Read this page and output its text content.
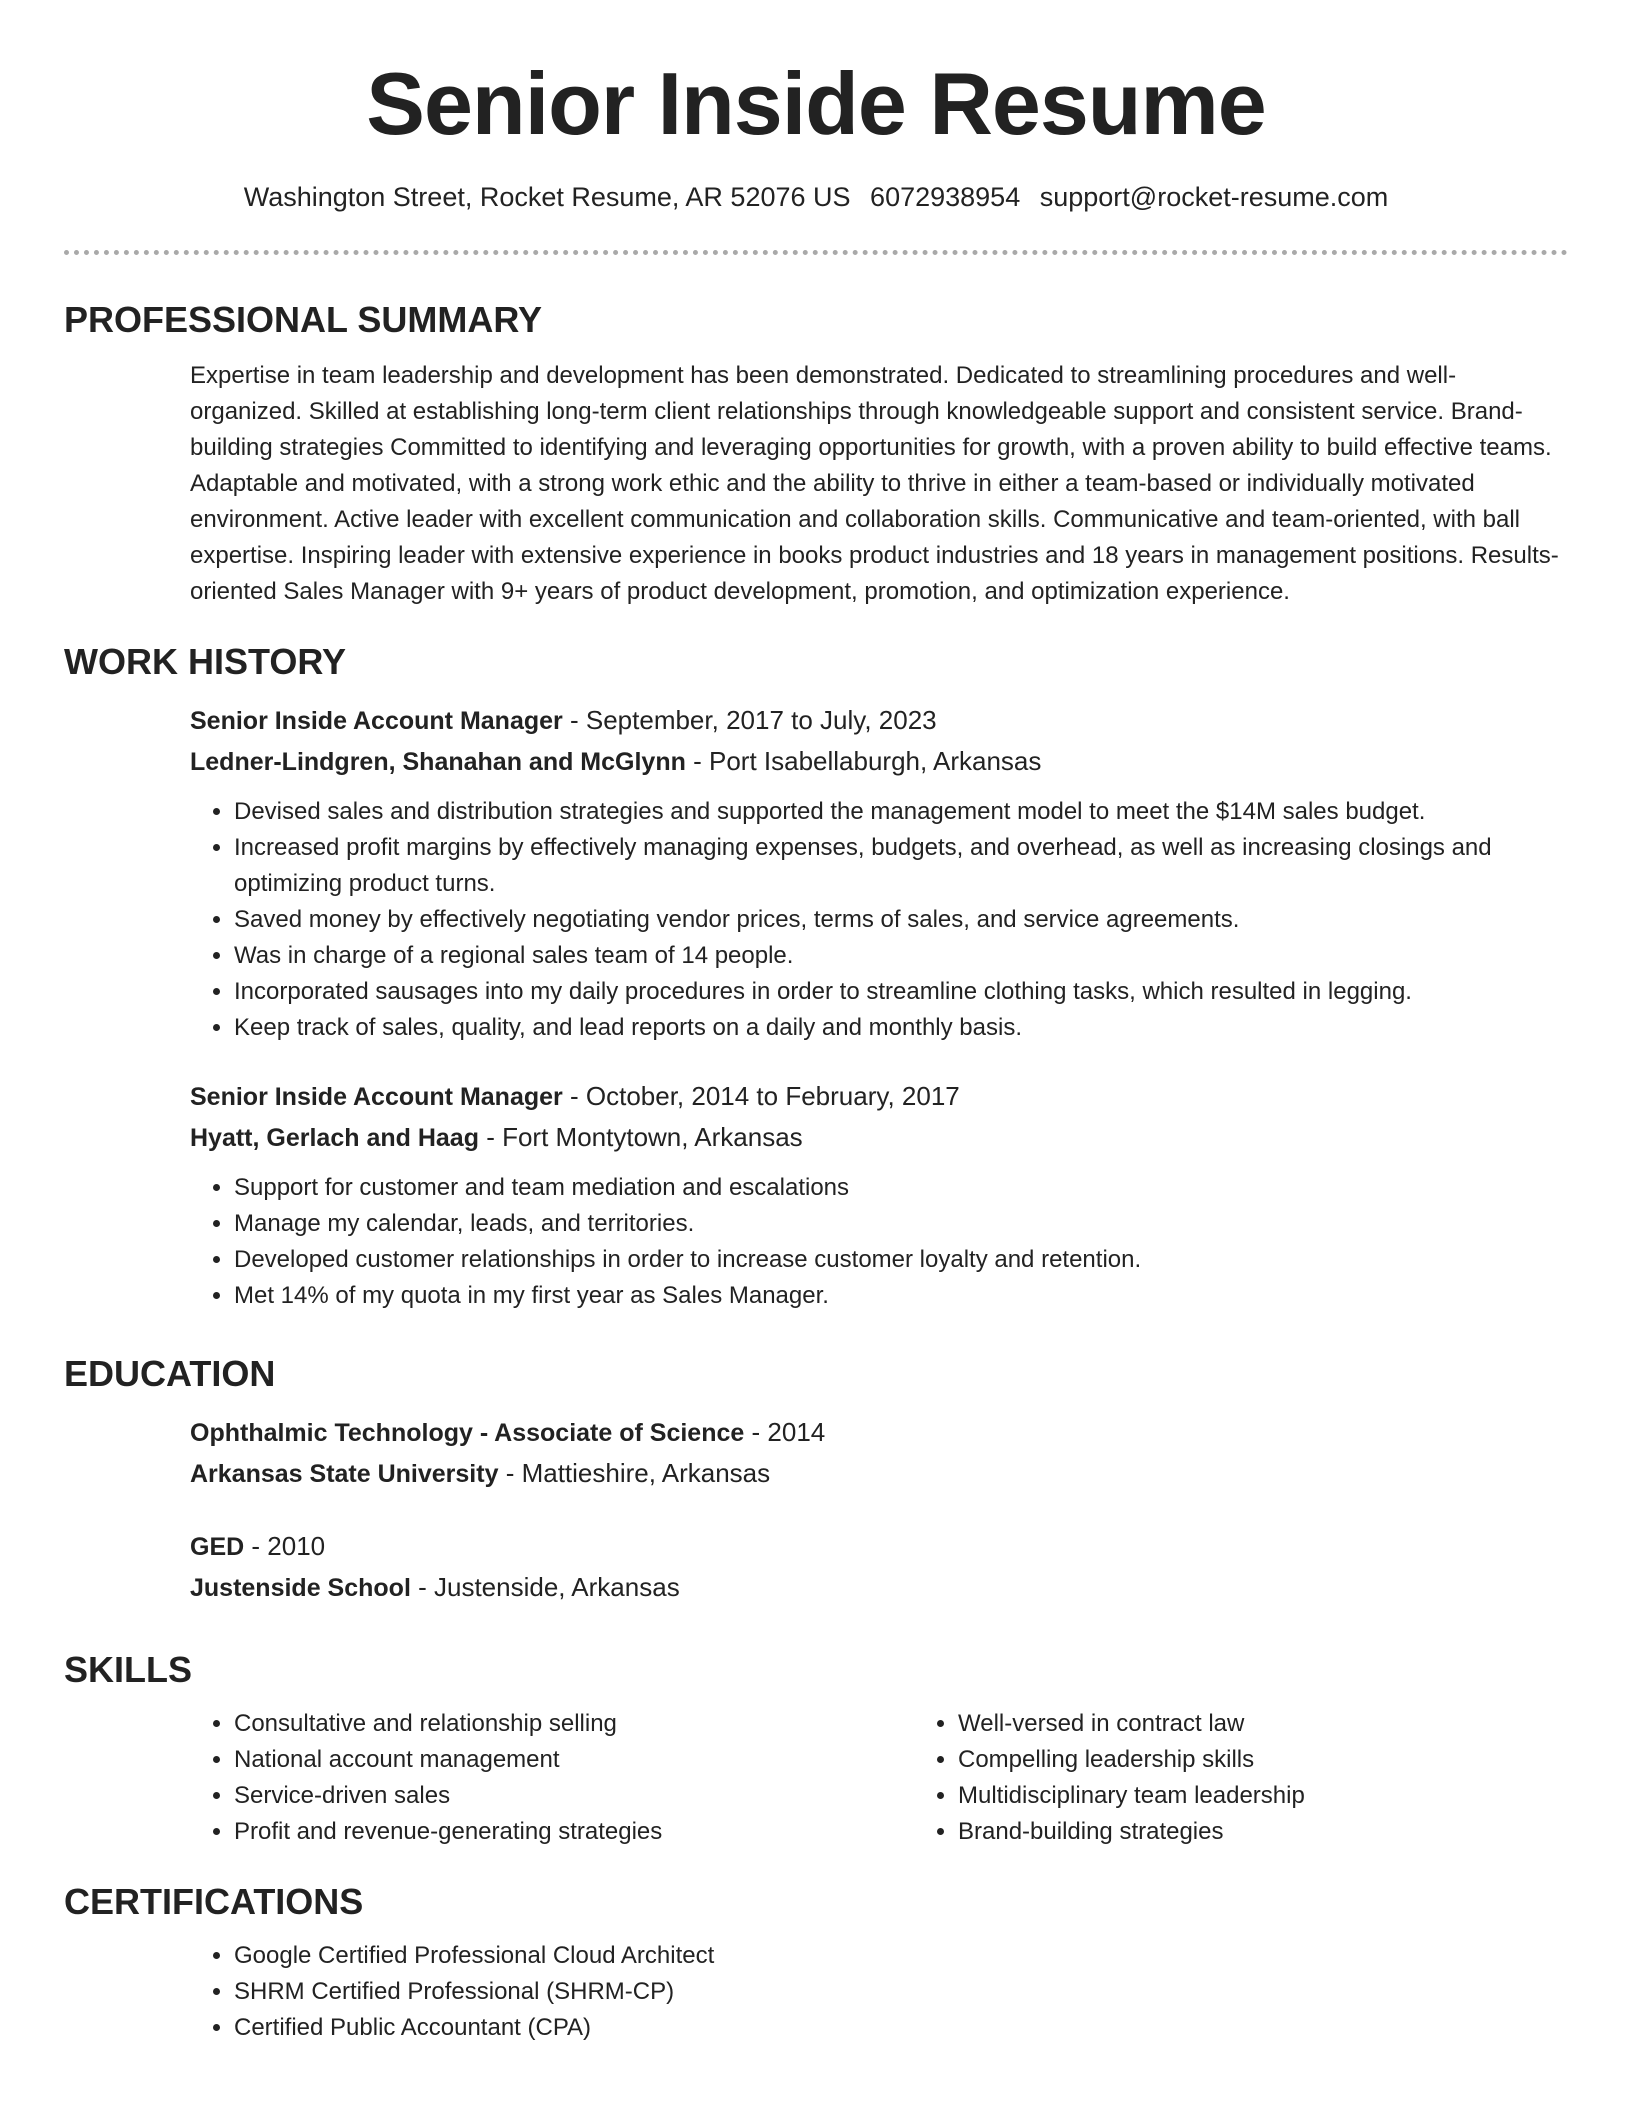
Senior Inside Resume
Washington Street, Rocket Resume, AR 52076 US 6072938954 support@rocket-resume.com
PROFESSIONAL SUMMARY
Expertise in team leadership and development has been demonstrated. Dedicated to streamlining procedures and well-organized. Skilled at establishing long-term client relationships through knowledgeable support and consistent service. Brand-building strategies Committed to identifying and leveraging opportunities for growth, with a proven ability to build effective teams. Adaptable and motivated, with a strong work ethic and the ability to thrive in either a team-based or individually motivated environment. Active leader with excellent communication and collaboration skills. Communicative and team-oriented, with ball expertise. Inspiring leader with extensive experience in books product industries and 18 years in management positions. Results-oriented Sales Manager with 9+ years of product development, promotion, and optimization experience.
WORK HISTORY
Senior Inside Account Manager - September, 2017 to July, 2023
Ledner-Lindgren, Shanahan and McGlynn - Port Isabellaburgh, Arkansas
• Devised sales and distribution strategies and supported the management model to meet the $14M sales budget.
• Increased profit margins by effectively managing expenses, budgets, and overhead, as well as increasing closings and optimizing product turns.
• Saved money by effectively negotiating vendor prices, terms of sales, and service agreements.
• Was in charge of a regional sales team of 14 people.
• Incorporated sausages into my daily procedures in order to streamline clothing tasks, which resulted in legging.
• Keep track of sales, quality, and lead reports on a daily and monthly basis.
Senior Inside Account Manager - October, 2014 to February, 2017
Hyatt, Gerlach and Haag - Fort Montytown, Arkansas
• Support for customer and team mediation and escalations
• Manage my calendar, leads, and territories.
• Developed customer relationships in order to increase customer loyalty and retention.
• Met 14% of my quota in my first year as Sales Manager.
EDUCATION
Ophthalmic Technology - Associate of Science - 2014
Arkansas State University - Mattieshire, Arkansas
GED - 2010
Justenside School - Justenside, Arkansas
SKILLS
• Consultative and relationship selling
• National account management
• Service-driven sales
• Profit and revenue-generating strategies
• Well-versed in contract law
• Compelling leadership skills
• Multidisciplinary team leadership
• Brand-building strategies
CERTIFICATIONS
• Google Certified Professional Cloud Architect
• SHRM Certified Professional (SHRM-CP)
• Certified Public Accountant (CPA)
